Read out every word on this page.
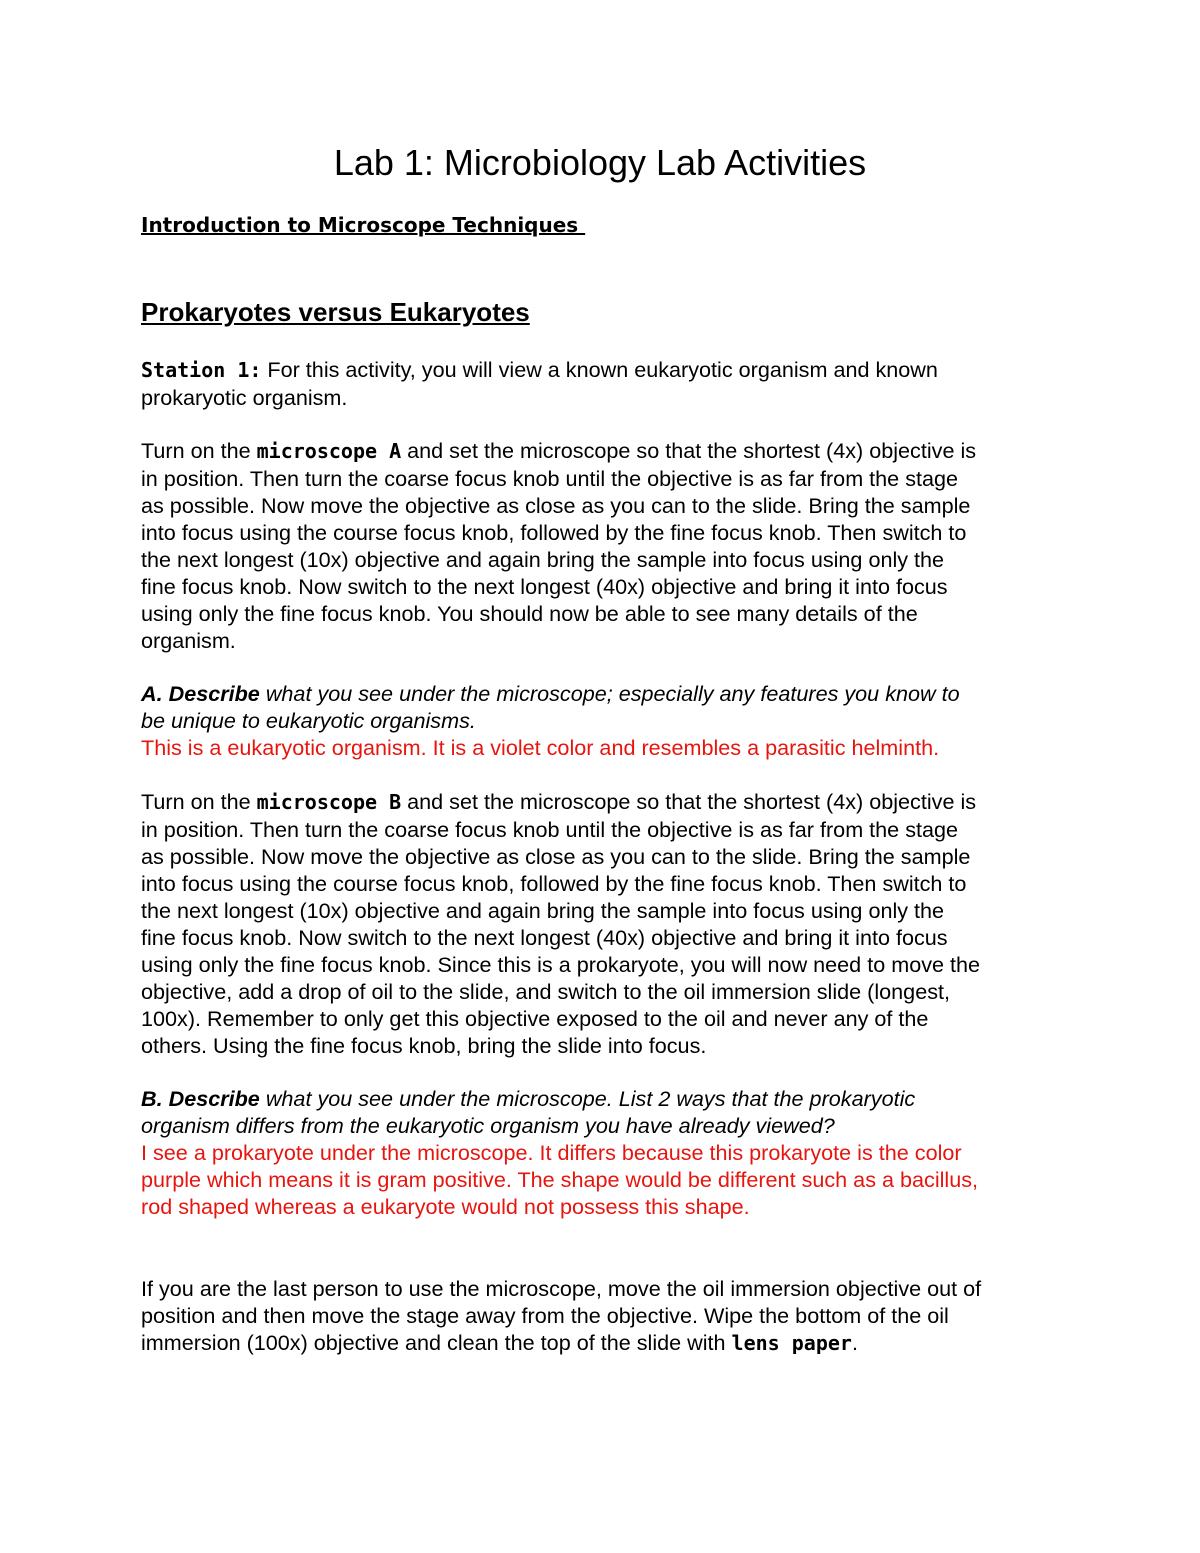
Lab 1: Microbiology Lab Activities
Introduction to Microscope Techniques
Prokaryotes versus Eukaryotes
Station 1: For this activity, you will view a known eukaryotic organism and known
prokaryotic organism.
Turn on the microscope A and set the microscope so that the shortest (4x) objective is
in position. Then turn the coarse focus knob until the objective is as far from the stage
as possible. Now move the objective as close as you can to the slide. Bring the sample
into focus using the course focus knob, followed by the fine focus knob. Then switch to
the next longest (10x) objective and again bring the sample into focus using only the
fine focus knob. Now switch to the next longest (40x) objective and bring it into focus
using only the fine focus knob. You should now be able to see many details of the
organism.
A. Describe what you see under the microscope; especially any features you know to
be unique to eukaryotic organisms.
This is a eukaryotic organism. It is a violet color and resembles a parasitic helminth.
Turn on the microscope B and set the microscope so that the shortest (4x) objective is
in position. Then turn the coarse focus knob until the objective is as far from the stage
as possible. Now move the objective as close as you can to the slide. Bring the sample
into focus using the course focus knob, followed by the fine focus knob. Then switch to
the next longest (10x) objective and again bring the sample into focus using only the
fine focus knob. Now switch to the next longest (40x) objective and bring it into focus
using only the fine focus knob. Since this is a prokaryote, you will now need to move the
objective, add a drop of oil to the slide, and switch to the oil immersion slide (longest,
100x). Remember to only get this objective exposed to the oil and never any of the
others. Using the fine focus knob, bring the slide into focus.
B. Describe what you see under the microscope. List 2 ways that the prokaryotic
organism differs from the eukaryotic organism you have already viewed?
I see a prokaryote under the microscope. It differs because this prokaryote is the color
purple which means it is gram positive. The shape would be different such as a bacillus,
rod shaped whereas a eukaryote would not possess this shape.
If you are the last person to use the microscope, move the oil immersion objective out of
position and then move the stage away from the objective. Wipe the bottom of the oil
immersion (100x) objective and clean the top of the slide with lens paper.
